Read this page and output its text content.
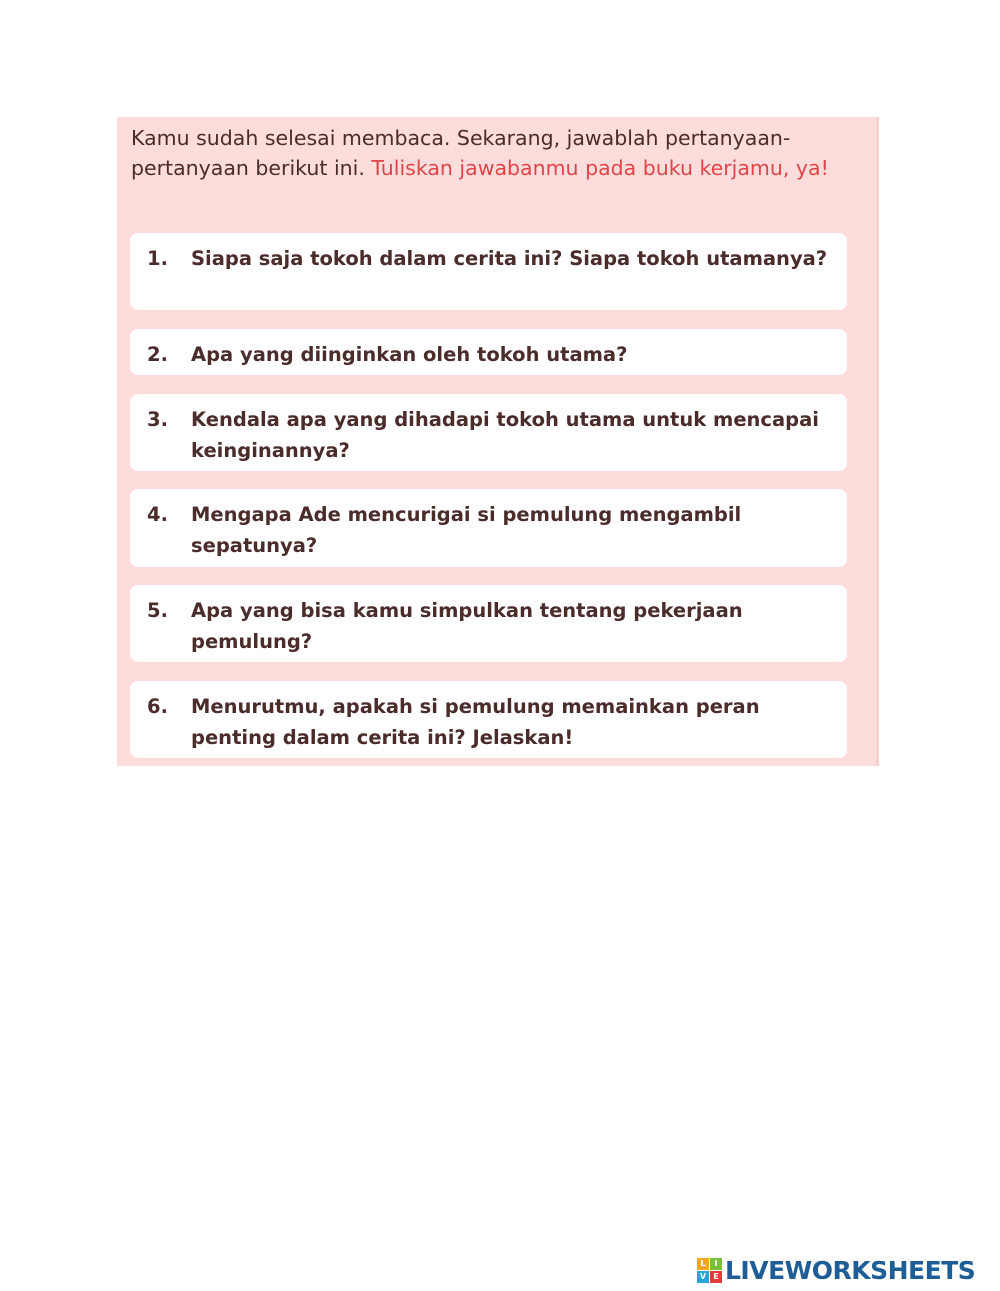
Kamu sudah selesai membaca. Sekarang, jawablah pertanyaan-pertanyaan berikut ini. Tuliskan jawabanmu pada buku kerjamu, ya!

1. Siapa saja tokoh dalam cerita ini? Siapa tokoh utamanya?
2. Apa yang diinginkan oleh tokoh utama?
3. Kendala apa yang dihadapi tokoh utama untuk mencapai keinginannya?
4. Mengapa Ade mencurigai si pemulung mengambil sepatunya?
5. Apa yang bisa kamu simpulkan tentang pekerjaan pemulung?
6. Menurutmu, apakah si pemulung memainkan peran penting dalam cerita ini? Jelaskan!
L	I
V E LIVEWORKSHEETS
